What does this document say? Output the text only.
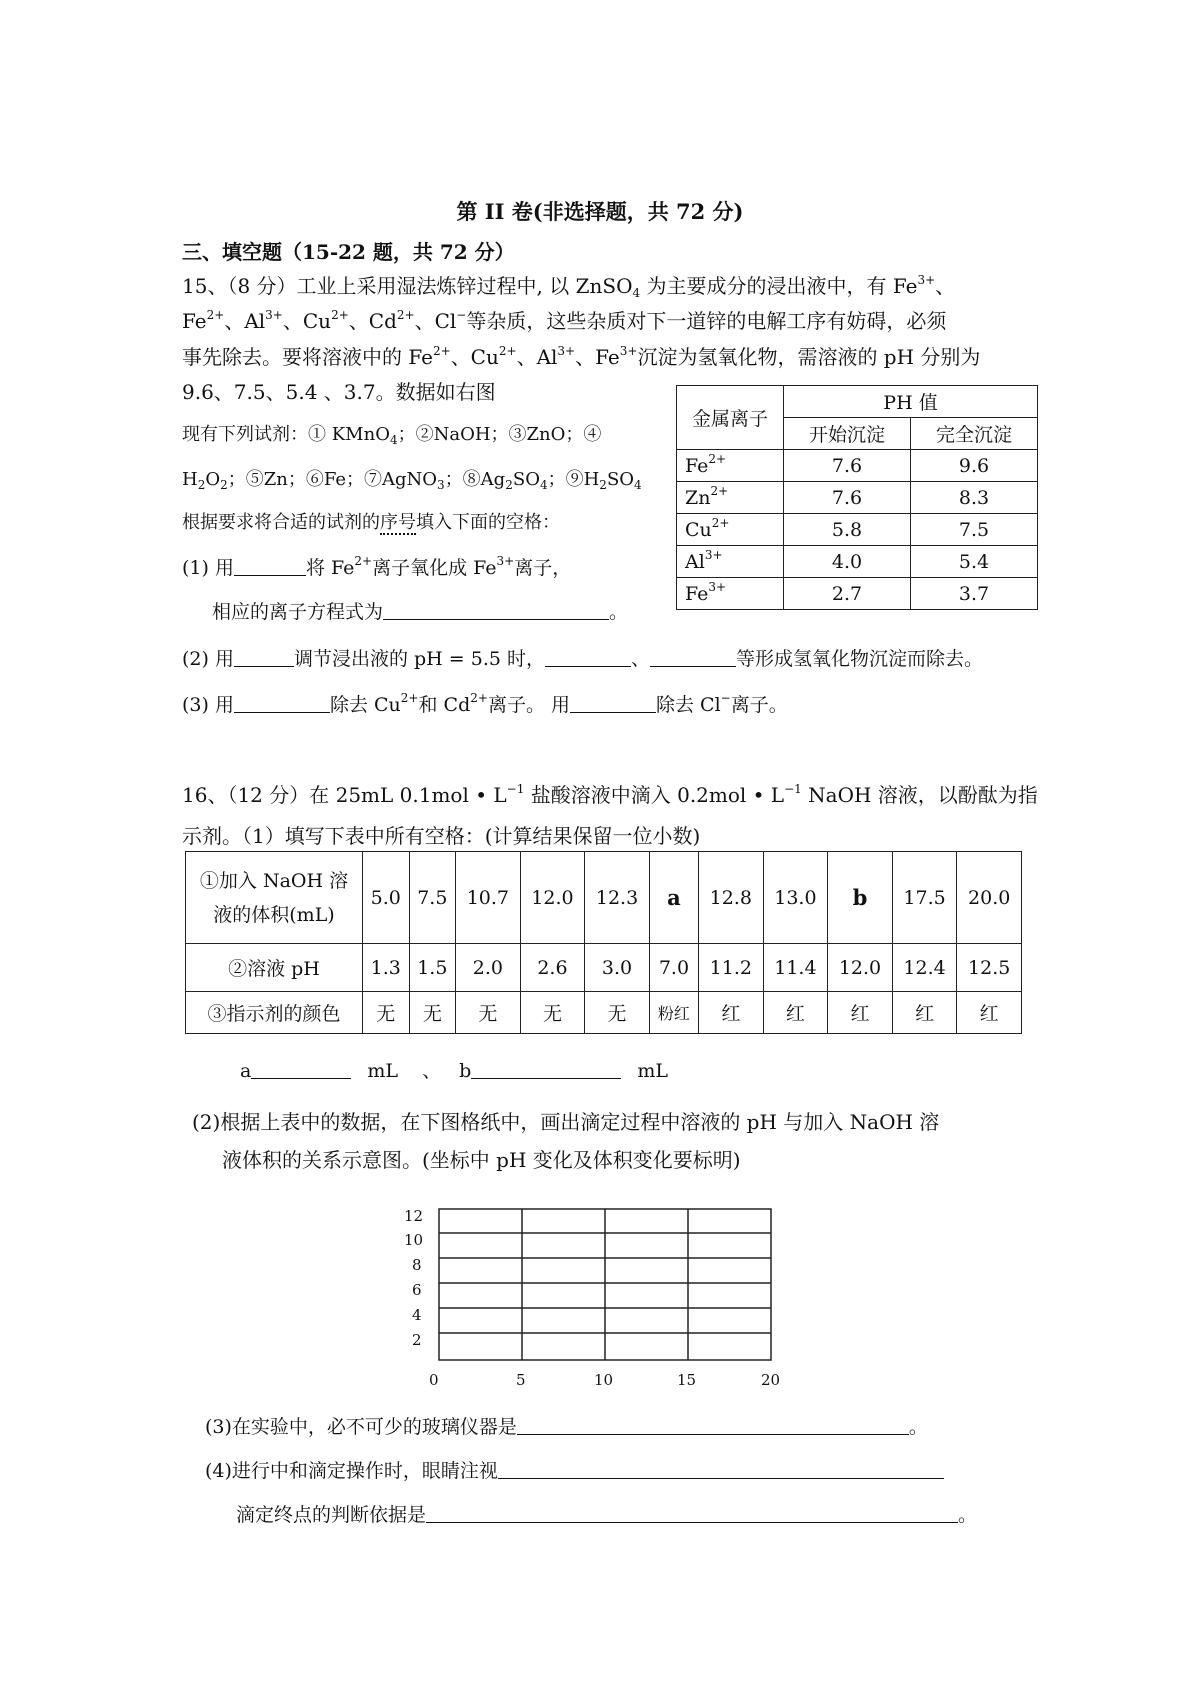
第 II 卷(非选择题，共 72 分)
三、填空题（15-22 题，共 72 分）
15、（8 分）工业上采用湿法炼锌过程中, 以 ZnSO$_4$ 为主要成分的浸出液中，有 $Fe^{3+}$、
$Fe^{2+}$、$Al^{3+}$、$Cu^{2+}$、$Cd^{2+}$、Cl−等杂质，这些杂质对下一道锌的电解工序有妨碍，必须
事先除去。要将溶液中的 $Fe^{2+}$、$Cu^{2+}$、$Al^{3+}$、$Fe^{3+}$沉淀为氢氧化物，需溶液的 pH 分别为
9.6、7.5、5.4 、3.7。数据如右图
现有下列试剂：① KMnO$_4$；②NaOH；③ZnO；④
$H_2O_2$；⑤Zn；⑥Fe；⑦AgNO$_3$；$⑧Ag_2SO_4$；$⑨H_2SO_4$
根据要求将合适的试剂的序号填入下面的空格：
(1) 用	将 $Fe^{2+}$离子氧化成 $Fe^{3+}$离子，
相应的离子方程式为	。
(2) 用	调节浸出液的 pH = 5.5 时，	、	等形成氢氧化物沉淀而除去。
(3) 用	除去 $Cu^{2+}$和 $Cd^{2+}$离子。 用	除去 Cl−离子。
金属离子	PH 值	
	开始沉淀	完全沉淀
$Fe^{2+}$	7.6	9.6
$Zn^{2+}$	7.6	8.3
$Cu^{2+}$	5.8	7.5
$Al^{3+}$	4.0	5.4
$Fe^{3+}$	2.7	3.7
16、（12 分）在 25mL 0.1mol • $L^{-1}$ 盐酸溶液中滴入 0.2mol • $L^{-1}$ NaOH 溶液，以酚酞为指
示剂。（1）填写下表中所有空格：(计算结果保留一位小数)
①加入 NaOH 溶
液的体积(mL)	5.0	7.5	10.7	12.0	12.3	a	12.8	13.0	b	17.5	20.0
②溶液 pH	1.3	1.5	2.0	2.6	3.0	7.0	11.2	11.4	12.0	12.4	12.5
③指示剂的颜色	无	无	无	无	无	粉红	红	红	红	红	红
a	mL 、 b	mL
(2)根据上表中的数据，在下图格纸中，画出滴定过程中溶液的 pH 与加入 NaOH 溶
液体积的关系示意图。(坐标中 pH 变化及体积变化要标明)
12
10
8
6
4
2
0	5	10	15	20
(3)在实验中，必不可少的玻璃仪器是	。
(4)进行中和滴定操作时，眼睛注视
滴定终点的判断依据是	。
